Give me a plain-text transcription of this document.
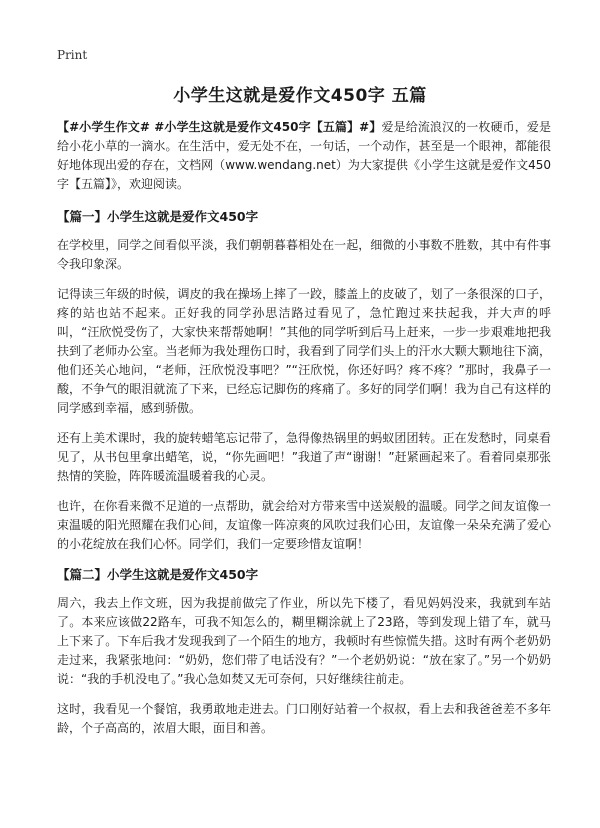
Print
小学生这就是爱作文450字 五篇

【#小学生作文# #小学生这就是爱作文450字【五篇】#】爱是给流浪汉的一枚硬币，爱是给小花小草的一滴水。在生活中，爱无处不在，一句话，一个动作，甚至是一个眼神，都能很好地体现出爱的存在，文档网（www.wendang.net）为大家提供《小学生这就是爱作文450字【五篇】》，欢迎阅读。

【篇一】小学生这就是爱作文450字

在学校里，同学之间看似平淡，我们朝朝暮暮相处在一起，细微的小事数不胜数，其中有件事令我印象深。

记得读三年级的时候，调皮的我在操场上摔了一跤，膝盖上的皮破了，划了一条很深的口子，疼的站也站不起来。正好我的同学孙思洁路过看见了，急忙跑过来扶起我，并大声的呼叫，“汪欣悦受伤了，大家快来帮帮她啊！”其他的同学听到后马上赶来，一步一步艰难地把我扶到了老师办公室。当老师为我处理伤口时，我看到了同学们头上的汗水大颗大颗地往下滴，他们还关心地问，“老师，汪欣悦没事吧？”“汪欣悦，你还好吗？疼不疼？”那时，我鼻子一酸，不争气的眼泪就流了下来，已经忘记脚伤的疼痛了。多好的同学们啊！我为自己有这样的同学感到幸福，感到骄傲。

还有上美术课时，我的旋转蜡笔忘记带了，急得像热锅里的蚂蚁团团转。正在发愁时，同桌看见了，从书包里拿出蜡笔，说，“你先画吧！”我道了声“谢谢！”赶紧画起来了。看着同桌那张热情的笑脸，阵阵暖流温暖着我的心灵。

也许，在你看来微不足道的一点帮助，就会给对方带来雪中送炭般的温暖。同学之间友谊像一束温暖的阳光照耀在我们心间，友谊像一阵凉爽的风吹过我们心田，友谊像一朵朵充满了爱心的小花绽放在我们心怀。同学们，我们一定要珍惜友谊啊！

【篇二】小学生这就是爱作文450字

周六，我去上作文班，因为我提前做完了作业，所以先下楼了，看见妈妈没来，我就到车站了。本来应该做22路车，可我不知怎么的，糊里糊涂就上了23路，等到发现上错了车，就马上下来了。下车后我才发现我到了一个陌生的地方，我顿时有些惊慌失措。这时有两个老奶奶走过来，我紧张地问：“奶奶，您们带了电话没有？”一个老奶奶说：“放在家了。”另一个奶奶说：“我的手机没电了。”我心急如焚又无可奈何，只好继续往前走。

这时，我看见一个餐馆，我勇敢地走进去。门口刚好站着一个叔叔，看上去和我爸爸差不多年龄，个子高高的，浓眉大眼，面目和善。
